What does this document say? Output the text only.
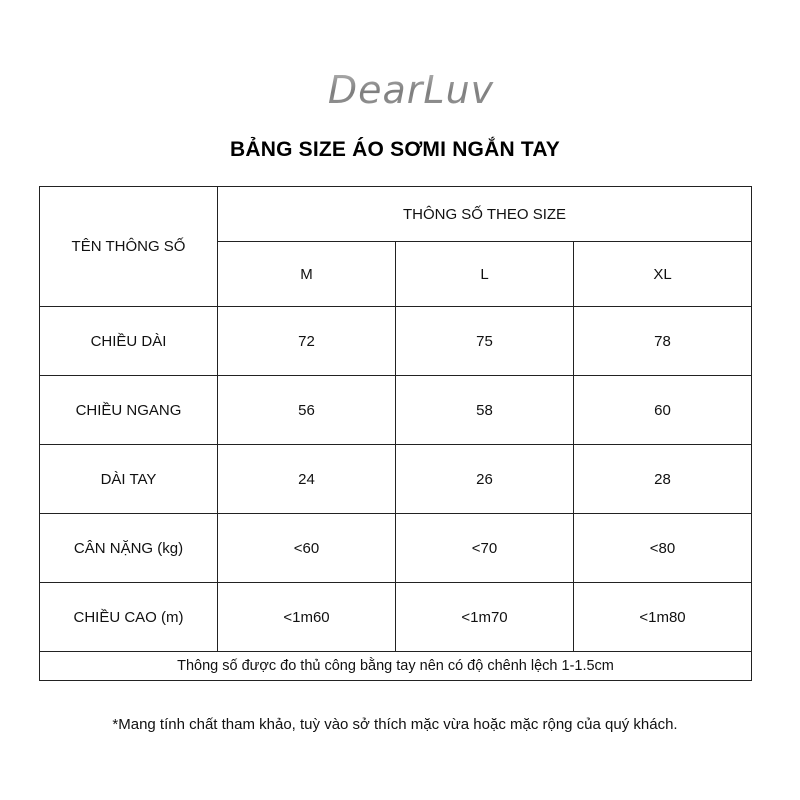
DearLuv
BẢNG SIZE ÁO SƠMI NGẮN TAY
TÊN THÔNG SỐ	THÔNG SỐ THEO SIZE		
	M	L	XL
CHIỀU DÀI	72	75	78
CHIỀU NGANG	56	58	60
DÀI TAY	24	26	28
CÂN NẶNG (kg)	<60	<70	<80
CHIỀU CAO (m)	<1m60	<1m70	<1m80
Thông số được đo thủ công bằng tay nên có độ chênh lệch 1-1.5cm			
*Mang tính chất tham khảo, tuỳ vào sở thích mặc vừa hoặc mặc rộng của quý khách.
